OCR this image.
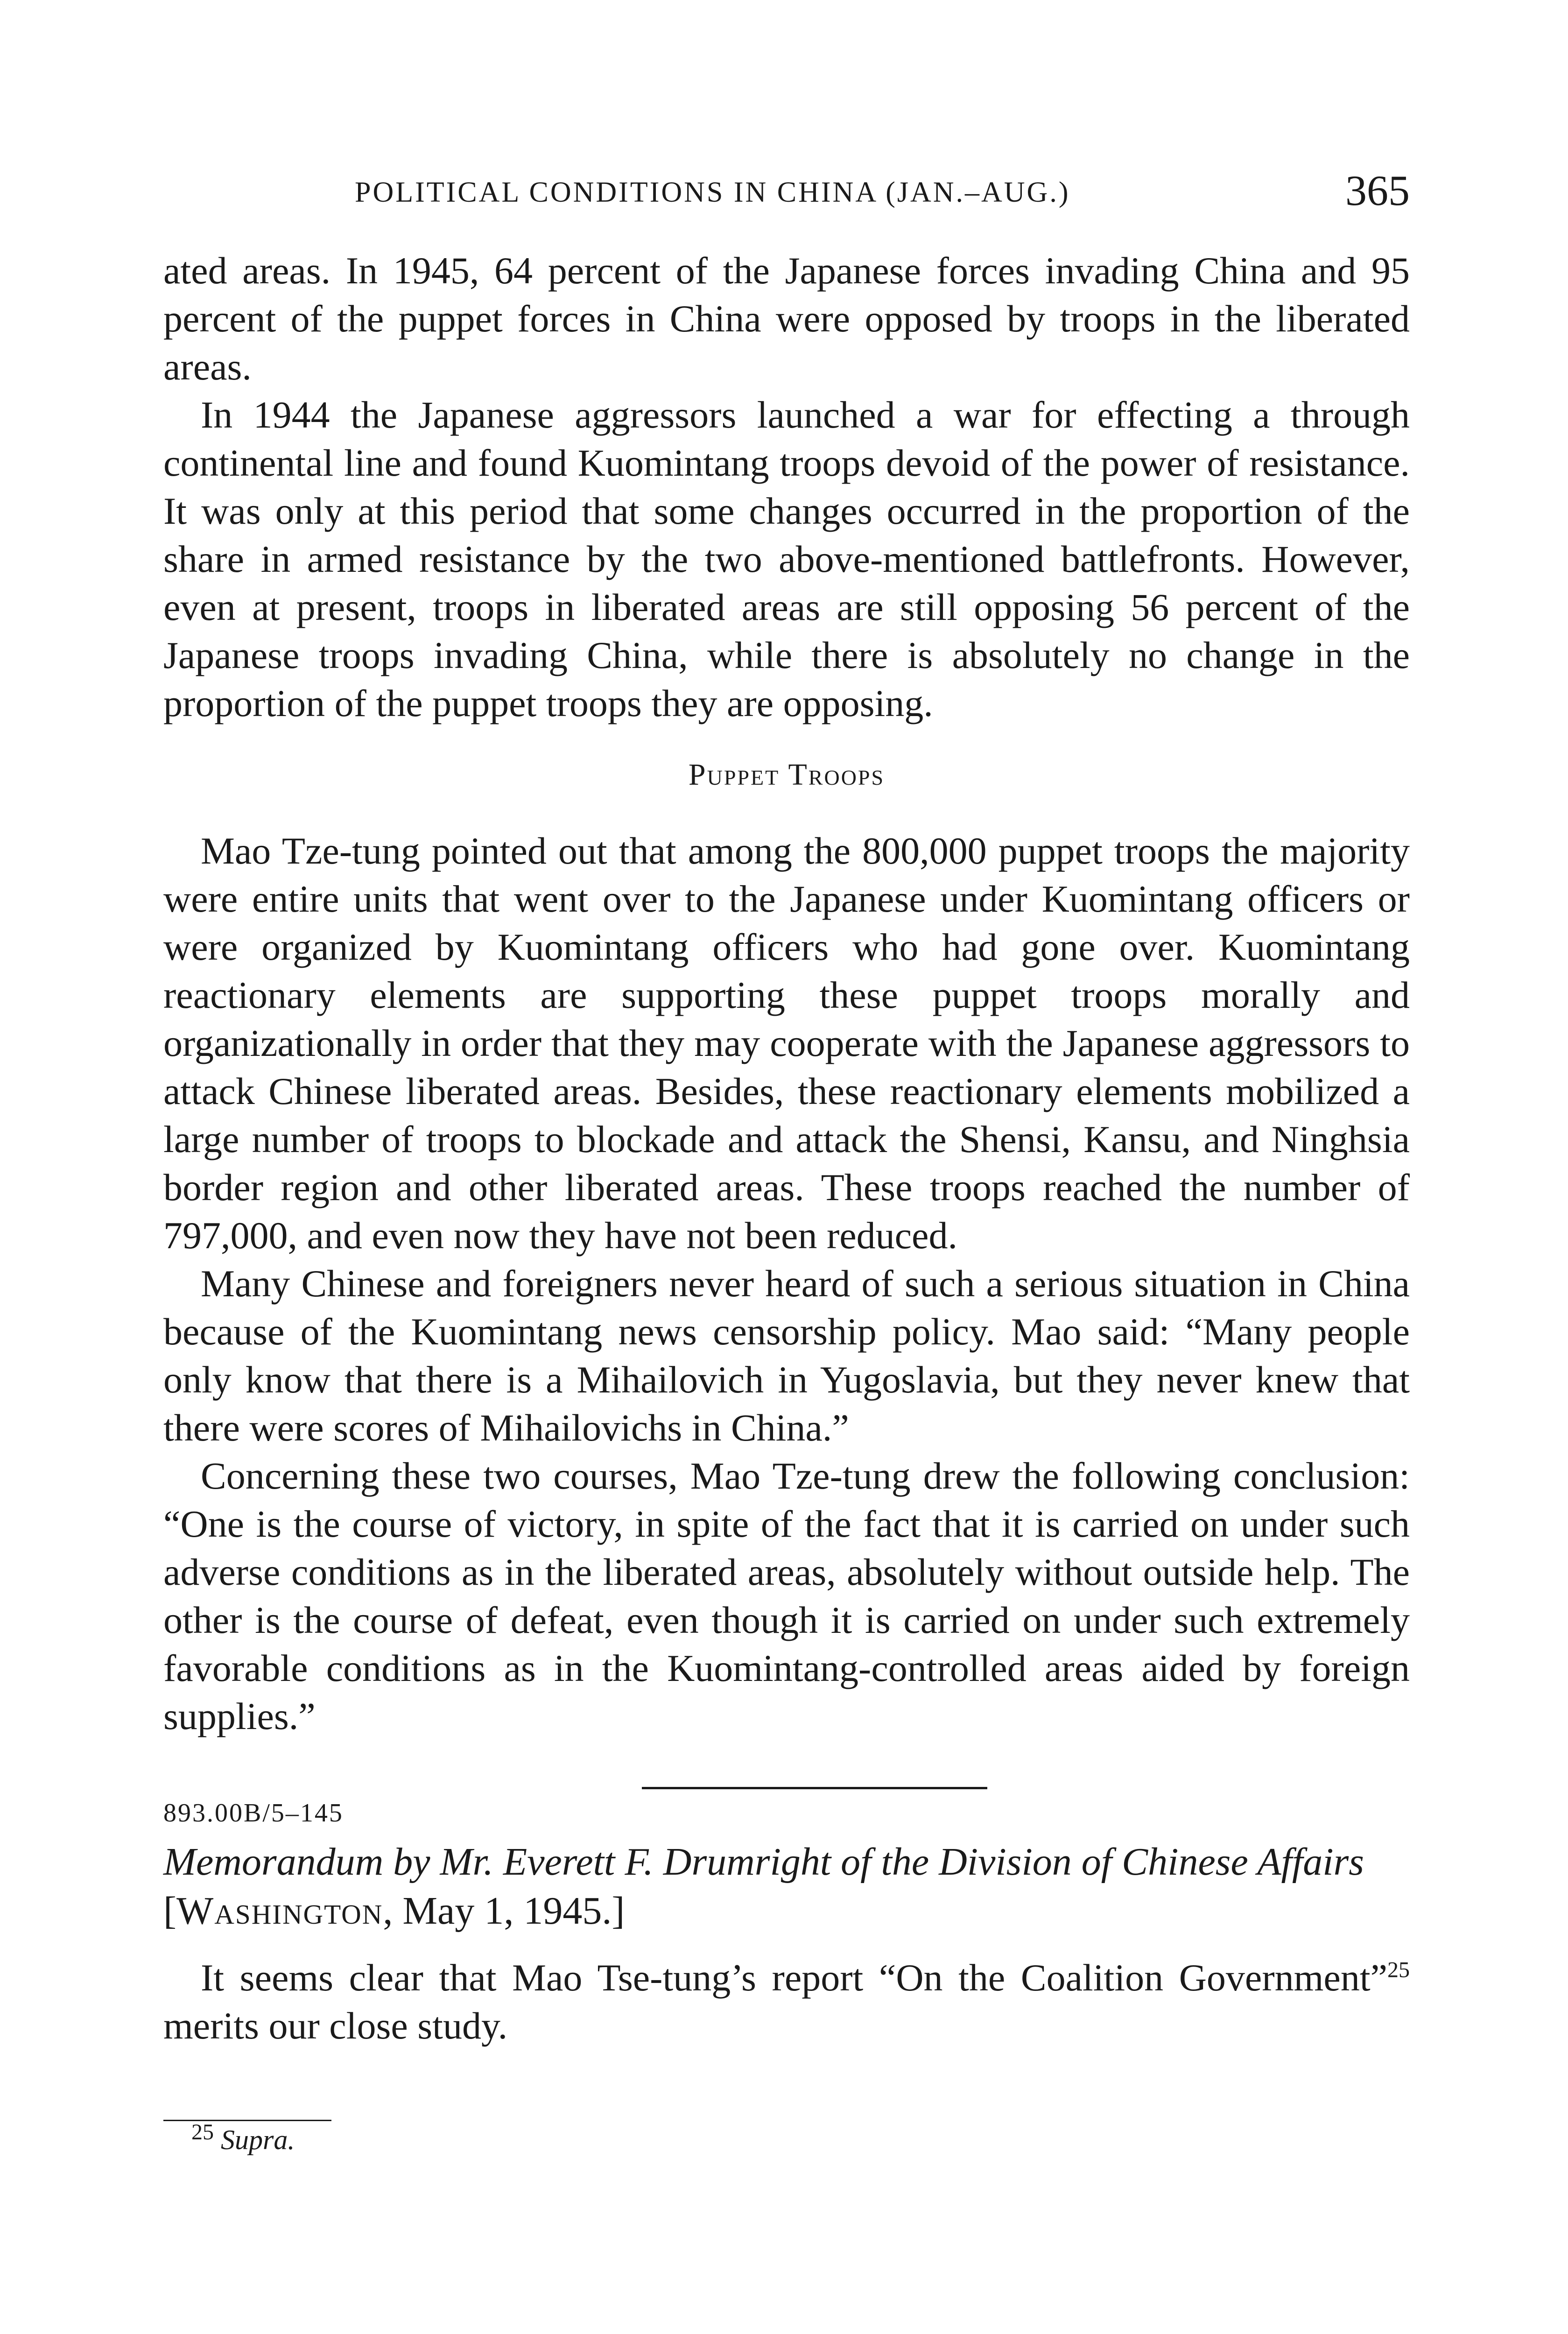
POLITICAL CONDITIONS IN CHINA (JAN.–AUG.)	365

ated areas. In 1945, 64 percent of the Japanese forces invading China and 95 percent of the puppet forces in China were opposed by troops in the liberated areas.

In 1944 the Japanese aggressors launched a war for effecting a through continental line and found Kuomintang troops devoid of the power of resistance. It was only at this period that some changes occurred in the proportion of the share in armed resistance by the two above-mentioned battlefronts. However, even at present, troops in liberated areas are still opposing 56 percent of the Japanese troops invading China, while there is absolutely no change in the proportion of the puppet troops they are opposing.

Puppet Troops

Mao Tze-tung pointed out that among the 800,000 puppet troops the majority were entire units that went over to the Japanese under Kuomintang officers or were organized by Kuomintang officers who had gone over. Kuomintang reactionary elements are supporting these puppet troops morally and organizationally in order that they may cooperate with the Japanese aggressors to attack Chinese liberated areas. Besides, these reactionary elements mobilized a large number of troops to blockade and attack the Shensi, Kansu, and Ninghsia border region and other liberated areas. These troops reached the number of 797,000, and even now they have not been reduced.

Many Chinese and foreigners never heard of such a serious situation in China because of the Kuomintang news censorship policy. Mao said: “Many people only know that there is a Mihailovich in Yugoslavia, but they never knew that there were scores of Mihailovichs in China.”

Concerning these two courses, Mao Tze-tung drew the following conclusion: “One is the course of victory, in spite of the fact that it is carried on under such adverse conditions as in the liberated areas, absolutely without outside help. The other is the course of defeat, even though it is carried on under such extremely favorable conditions as in the Kuomintang-controlled areas aided by foreign supplies.”

893.00B/5–145

Memorandum by Mr. Everett F. Drumright of the Division of Chinese Affairs

[Washington, May 1, 1945.]

It seems clear that Mao Tse-tung’s report “On the Coalition Government”$^{25}$ merits our close study.

$^{25}$ Supra.
